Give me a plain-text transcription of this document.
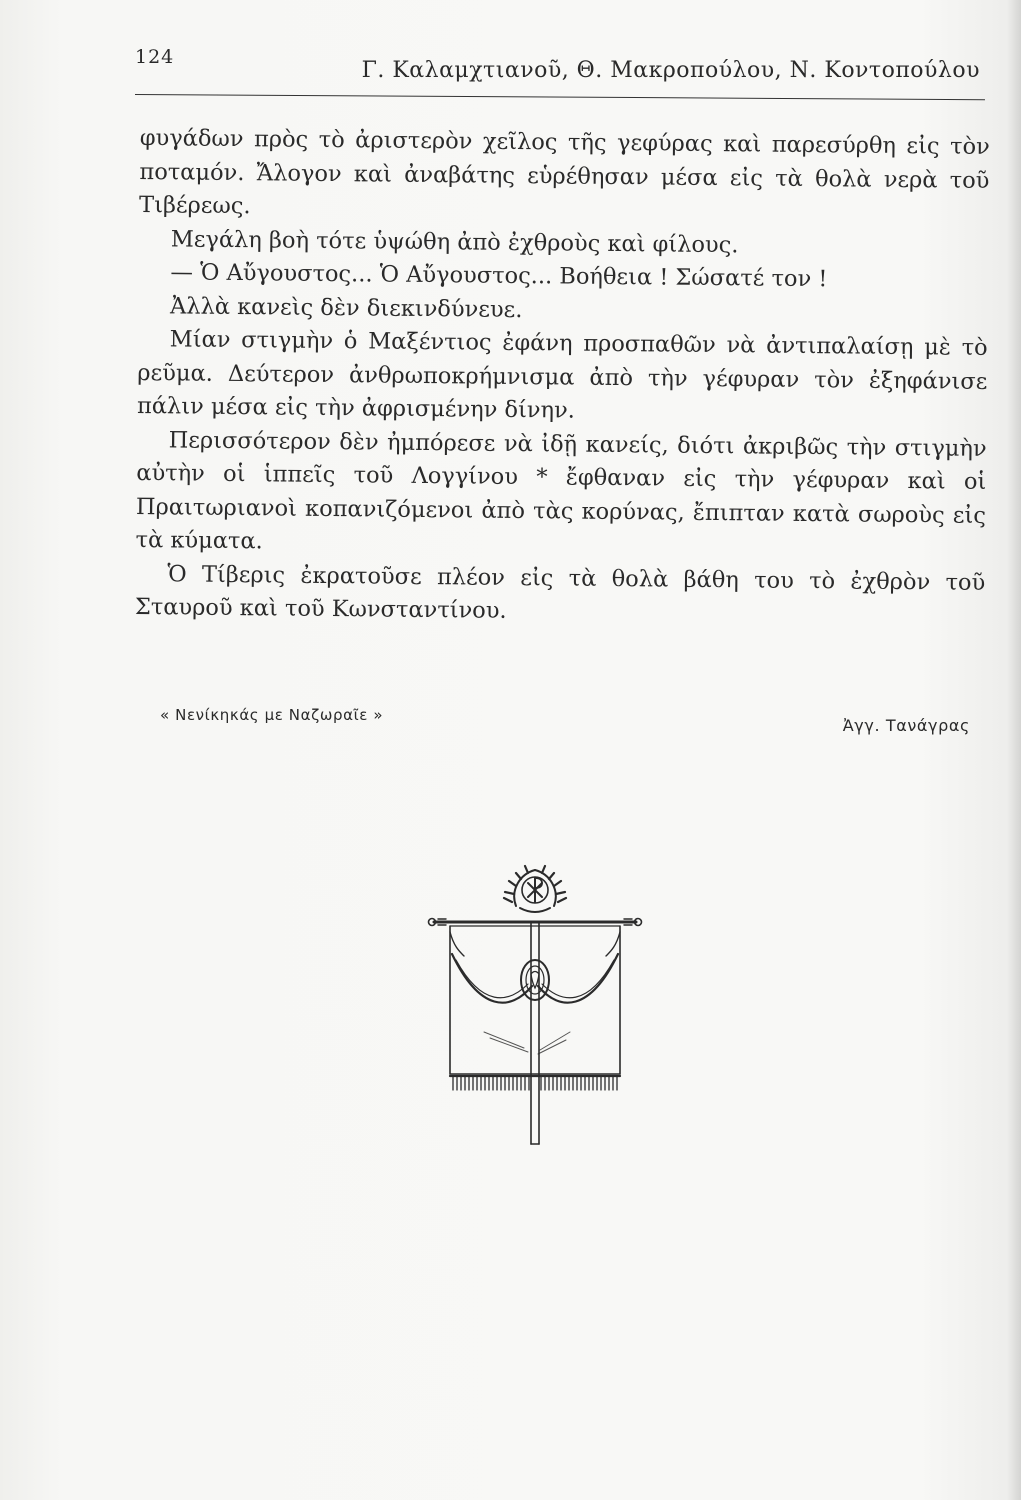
124
Γ. Καλαμχτιανοῦ, Θ. Μακροπούλου, Ν. Κοντοπούλου

φυγάδων πρὸς τὸ ἀριστερὸν χεῖλος τῆς γεφύρας καὶ παρεσύρθη εἰς τὸν ποταμόν. Ἄλογον καὶ ἀναβάτης εὑρέθησαν μέσα εἰς τὰ θολὰ νερὰ τοῦ Τιβέρεως.

Μεγάλη βοὴ τότε ὑψώθη ἀπὸ ἐχθροὺς καὶ φίλους.

— Ὁ Αὔγουστος... Ὁ Αὔγουστος... Βοήθεια ! Σώσατέ τον !

Ἀλλὰ κανεὶς δὲν διεκινδύνευε.

Μίαν στιγμὴν ὁ Μαξέντιος ἐφάνη προσπαθῶν νὰ ἀντιπαλαίσῃ μὲ τὸ ρεῦμα. Δεύτερον ἀνθρωποκρήμνισμα ἀπὸ τὴν γέφυραν τὸν ἐξηφάνισε πάλιν μέσα εἰς τὴν ἀφρισμένην δίνην.

Περισσότερον δὲν ἠμπόρεσε νὰ ἰδῇ κανείς, διότι ἀκριβῶς τὴν στιγμὴν αὐτὴν οἱ ἱππεῖς τοῦ Λογγίνου * ἔφθαναν εἰς τὴν γέφυραν καὶ οἱ Πραιτωριανοὶ κοπανιζόμενοι ἀπὸ τὰς κορύνας, ἔπιπταν κατὰ σωροὺς εἰς τὰ κύματα.

Ὁ Τίβερις ἐκρατοῦσε πλέον εἰς τὰ θολὰ βάθη του τὸ ἐχθρὸν τοῦ Σταυροῦ καὶ τοῦ Κωνσταντίνου.

« Νενίκηκάς με Ναζωραῖε »
Ἀγγ. Τανάγρας
